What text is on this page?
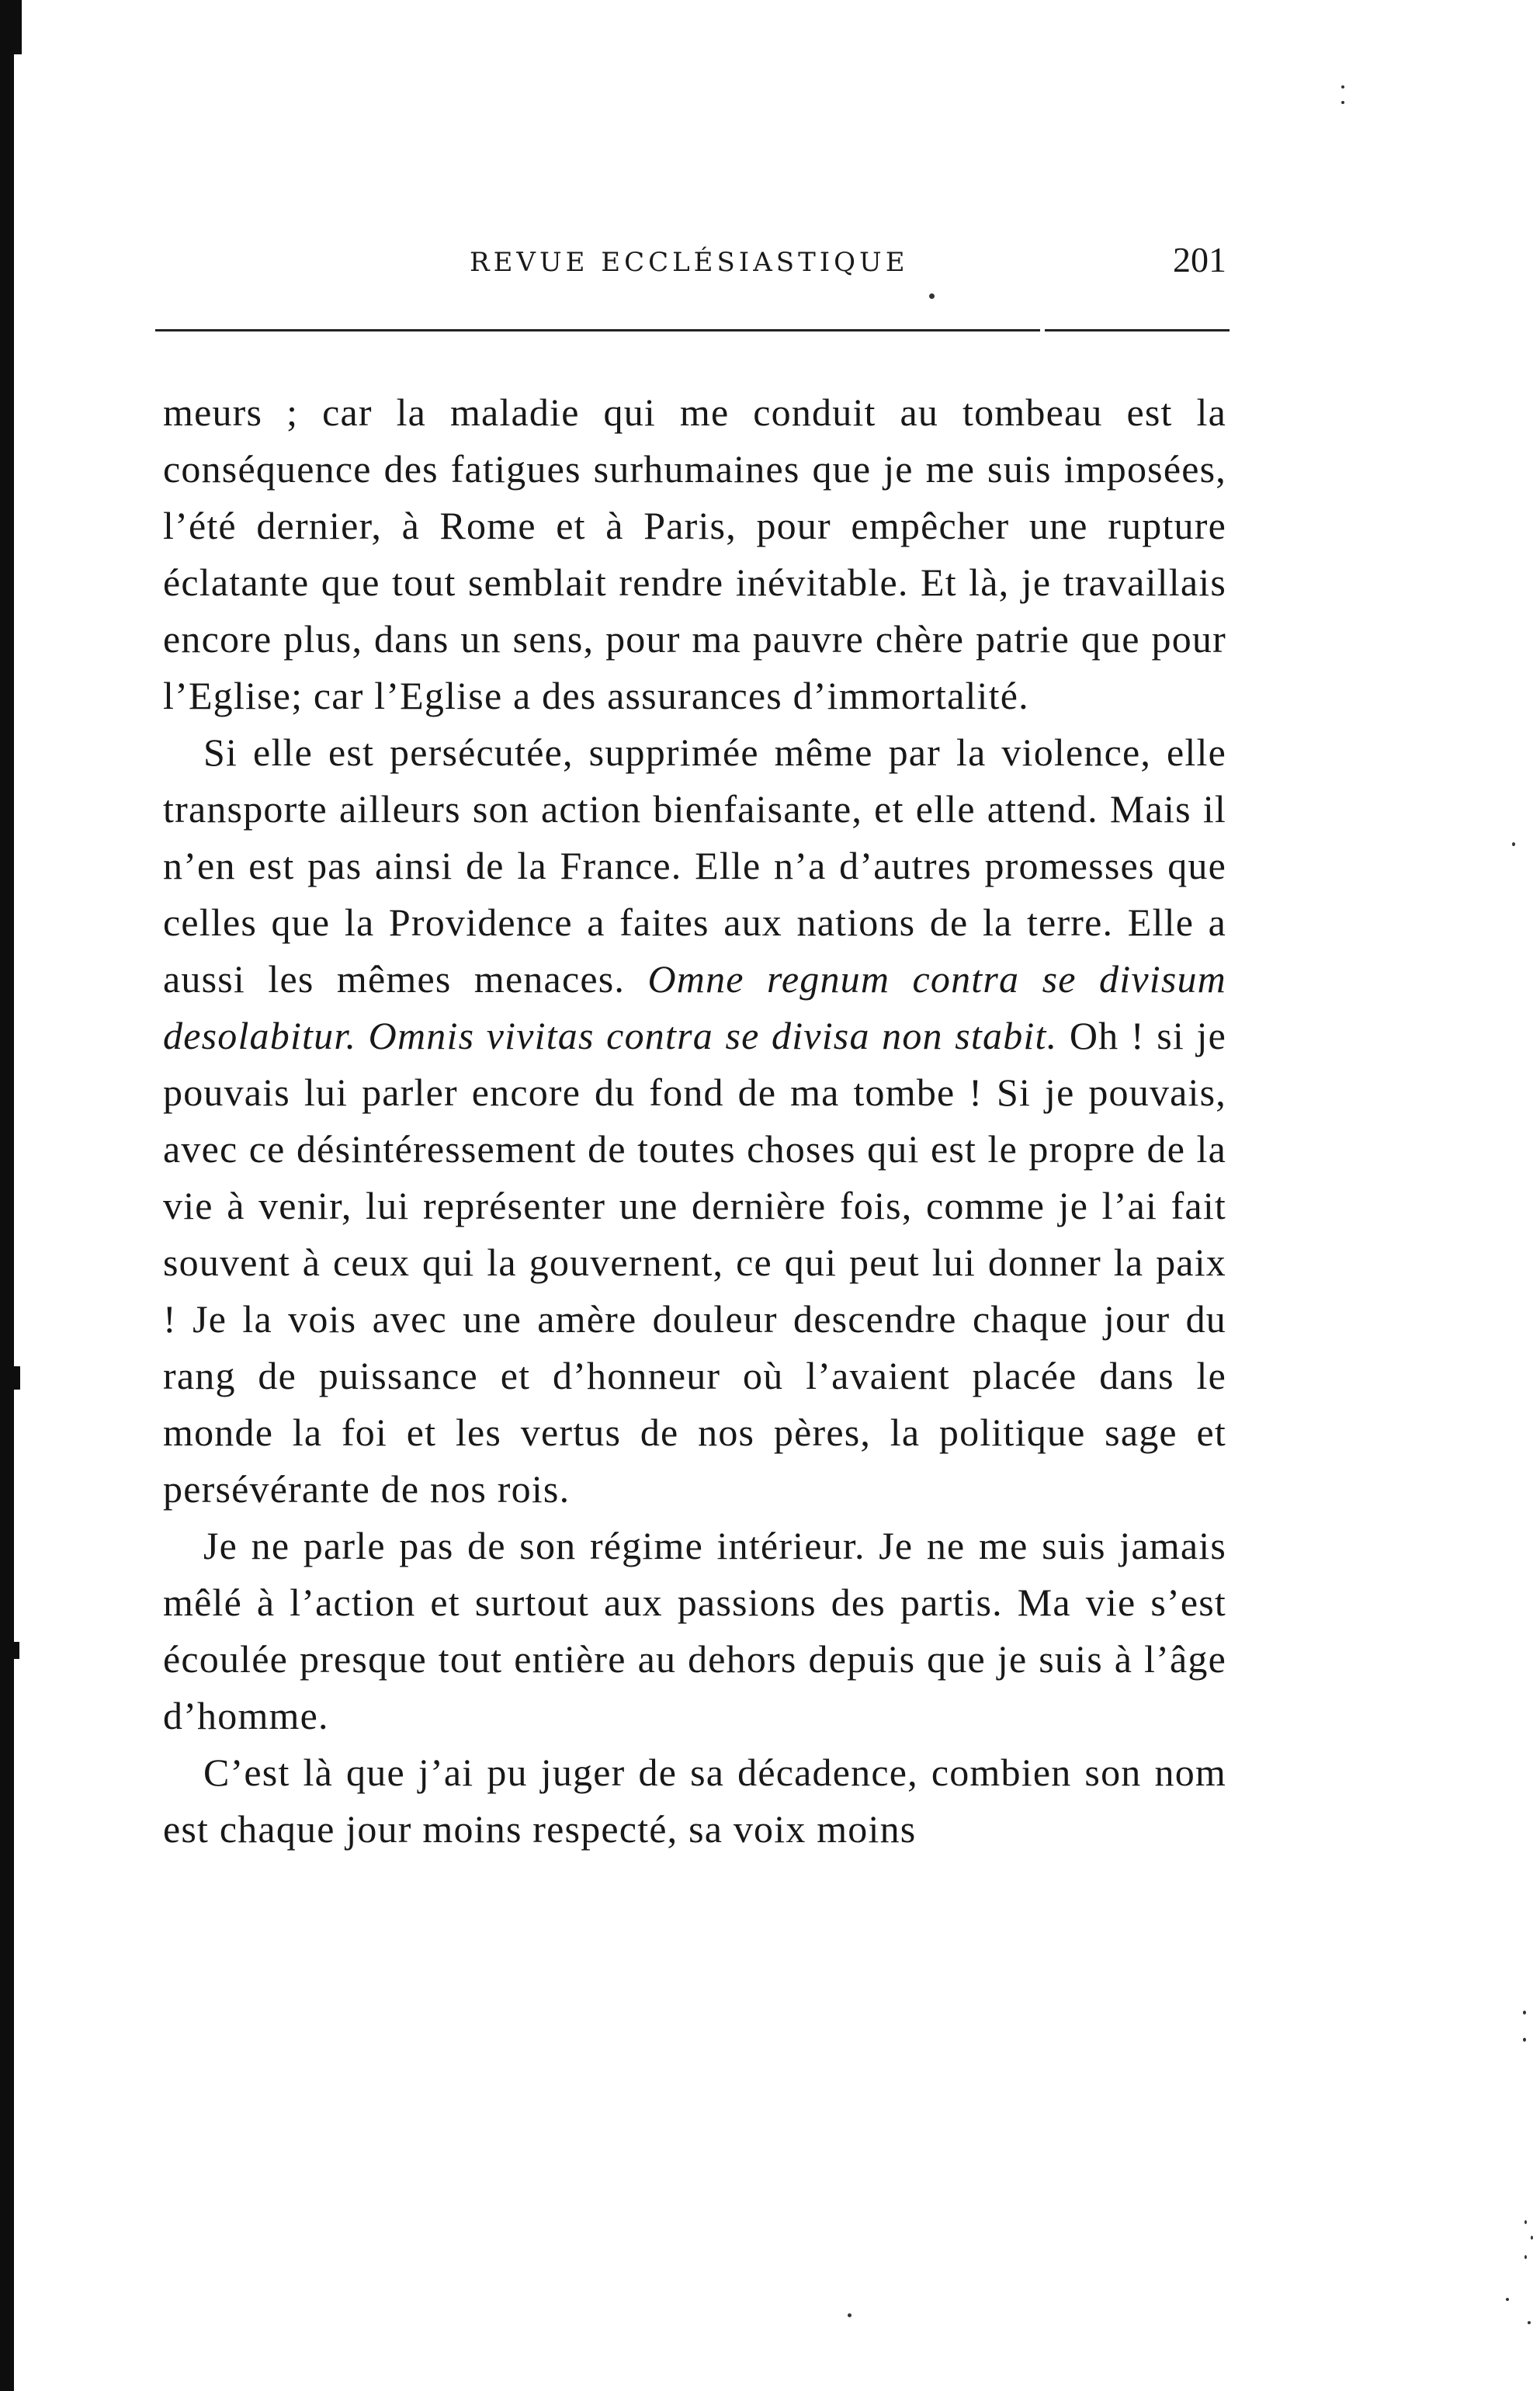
REVUE ECCLÉSIASTIQUE	201

meurs ; car la maladie qui me conduit au tombeau est la conséquence des fatigues surhumaines que je me suis imposées, l’été dernier, à Rome et à Paris, pour empêcher une rupture éclatante que tout semblait rendre inévitable. Et là, je travaillais encore plus, dans un sens, pour ma pauvre chère patrie que pour l’Eglise; car l’Eglise a des assurances d’immortalité.

Si elle est persécutée, supprimée même par la violence, elle transporte ailleurs son action bienfaisante, et elle attend. Mais il n’en est pas ainsi de la France. Elle n’a d’autres promesses que celles que la Providence a faites aux nations de la terre. Elle a aussi les mêmes menaces. Omne regnum contra se divisum desolabitur. Omnis vivitas contra se divisa non stabit. Oh ! si je pouvais lui parler encore du fond de ma tombe ! Si je pouvais, avec ce désintéressement de toutes choses qui est le propre de la vie à venir, lui représenter une dernière fois, comme je l’ai fait souvent à ceux qui la gouvernent, ce qui peut lui donner la paix ! Je la vois avec une amère douleur descendre chaque jour du rang de puissance et d’honneur où l’avaient placée dans le monde la foi et les vertus de nos pères, la politique sage et persévérante de nos rois.

Je ne parle pas de son régime intérieur. Je ne me suis jamais mêlé à l’action et surtout aux passions des partis. Ma vie s’est écoulée presque tout entière au dehors depuis que je suis à l’âge d’homme.

C’est là que j’ai pu juger de sa décadence, combien son nom est chaque jour moins respecté, sa voix moins
